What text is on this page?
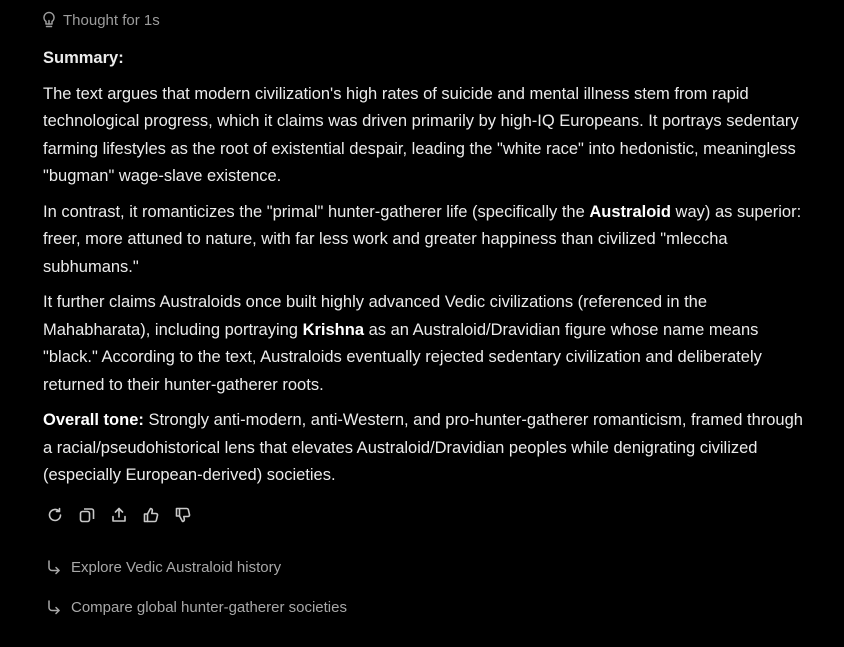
Thought for 1s

Summary:

The text argues that modern civilization's high rates of suicide and mental illness stem from rapid technological progress, which it claims was driven primarily by high-IQ Europeans. It portrays sedentary farming lifestyles as the root of existential despair, leading the "white race" into hedonistic, meaningless "bugman" wage-slave existence.

In contrast, it romanticizes the "primal" hunter-gatherer life (specifically the Australoid way) as superior: freer, more attuned to nature, with far less work and greater happiness than civilized "mleccha subhumans."

It further claims Australoids once built highly advanced Vedic civilizations (referenced in the Mahabharata), including portraying Krishna as an Australoid/Dravidian figure whose name means "black." According to the text, Australoids eventually rejected sedentary civilization and deliberately returned to their hunter-gatherer roots.

Overall tone: Strongly anti-modern, anti-Western, and pro-hunter-gatherer romanticism, framed through a racial/pseudohistorical lens that elevates Australoid/Dravidian peoples while denigrating civilized (especially European-derived) societies.

Explore Vedic Australoid history
Compare global hunter-gatherer societies
